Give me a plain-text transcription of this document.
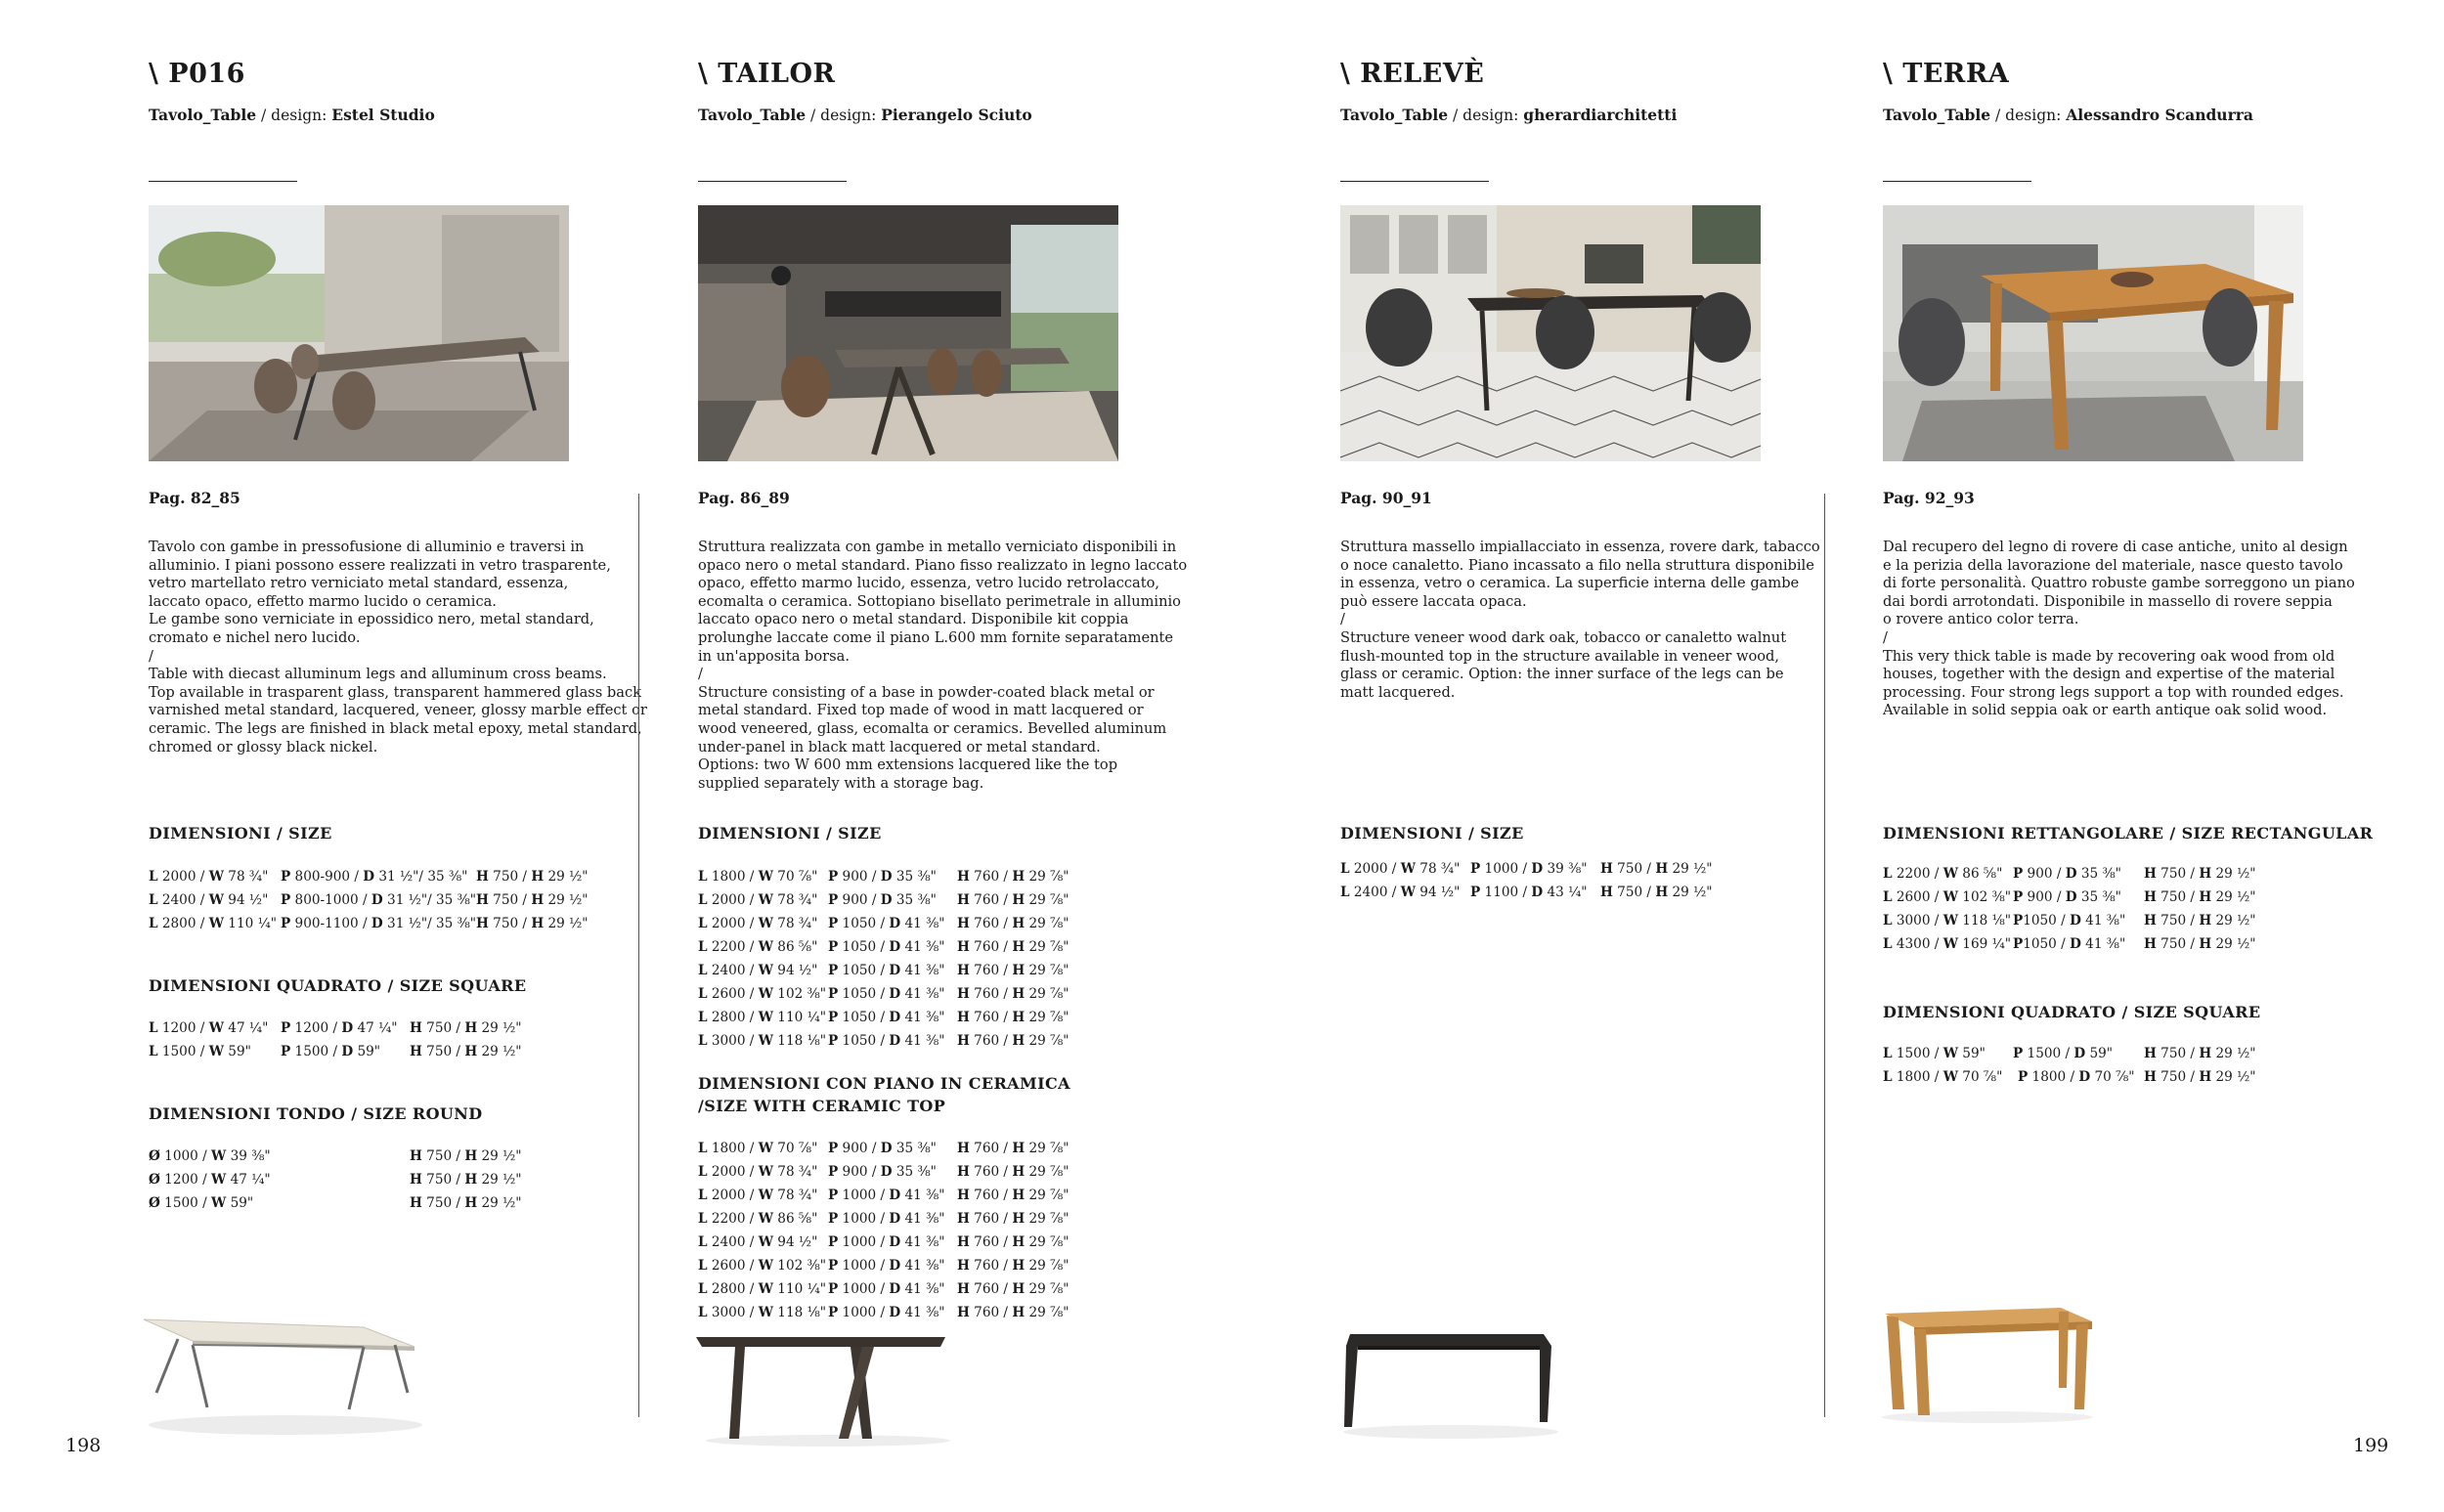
\ P016
Tavolo_Table / design: Estel Studio
Pag. 82_85
Tavolo con gambe in pressofusione di alluminio e traversi in
alluminio. I piani possono essere realizzati in vetro trasparente,
vetro martellato retro verniciato metal standard, essenza,
laccato opaco, effetto marmo lucido o ceramica.
Le gambe sono verniciate in epossidico nero, metal standard,
cromato e nichel nero lucido.
/
Table with diecast alluminum legs and alluminum cross beams.
Top available in trasparent glass, transparent hammered glass back
varnished metal standard, lacquered, veneer, glossy marble effect or
ceramic. The legs are finished in black metal epoxy, metal standard,
chromed or glossy black nickel.
DIMENSIONI / SIZE
L 2000 / W 78 ¾" P 800-900 / D 31 ½"/ 35 ⅜" H 750 / H 29 ½"
L 2400 / W 94 ½" P 800-1000 / D 31 ½"/ 35 ⅜" H 750 / H 29 ½"
L 2800 / W 110 ¼" P 900-1100 / D 31 ½"/ 35 ⅜" H 750 / H 29 ½"
DIMENSIONI QUADRATO / SIZE SQUARE
L 1200 / W 47 ¼" P 1200 / D 47 ¼" H 750 / H 29 ½"
L 1500 / W 59" P 1500 / D 59" H 750 / H 29 ½"
DIMENSIONI TONDO / SIZE ROUND
Ø 1000 / W 39 ⅜"	H 750 / H 29 ½"
Ø 1200 / W 47 ¼"	H 750 / H 29 ½"
Ø 1500 / W 59"	H 750 / H 29 ½"
\ TAILOR
Tavolo_Table / design: Pierangelo Sciuto
Pag. 86_89
Struttura realizzata con gambe in metallo verniciato disponibili in
opaco nero o metal standard. Piano fisso realizzato in legno laccato
opaco, effetto marmo lucido, essenza, vetro lucido retrolaccato,
ecomalta o ceramica. Sottopiano bisellato perimetrale in alluminio
laccato opaco nero o metal standard. Disponibile kit coppia
prolunghe laccate come il piano L.600 mm fornite separatamente
in un'apposita borsa.
/
Structure consisting of a base in powder-coated black metal or
metal standard. Fixed top made of wood in matt lacquered or
wood veneered, glass, ecomalta or ceramics. Bevelled aluminum
under-panel in black matt lacquered or metal standard.
Options: two W 600 mm extensions lacquered like the top
supplied separately with a storage bag.
DIMENSIONI / SIZE
L 1800 / W 70 ⅞" P 900 / D 35 ⅜" H 760 / H 29 ⅞"
L 2000 / W 78 ¾" P 900 / D 35 ⅜" H 760 / H 29 ⅞"
L 2000 / W 78 ¾" P 1050 / D 41 ⅜" H 760 / H 29 ⅞"
L 2200 / W 86 ⅝" P 1050 / D 41 ⅜" H 760 / H 29 ⅞"
L 2400 / W 94 ½" P 1050 / D 41 ⅜" H 760 / H 29 ⅞"
L 2600 / W 102 ⅜" P 1050 / D 41 ⅜" H 760 / H 29 ⅞"
L 2800 / W 110 ¼" P 1050 / D 41 ⅜" H 760 / H 29 ⅞"
L 3000 / W 118 ⅛" P 1050 / D 41 ⅜" H 760 / H 29 ⅞"
DIMENSIONI CON PIANO IN CERAMICA
/SIZE WITH CERAMIC TOP
L 1800 / W 70 ⅞" P 900 / D 35 ⅜" H 760 / H 29 ⅞"
L 2000 / W 78 ¾" P 900 / D 35 ⅜" H 760 / H 29 ⅞"
L 2000 / W 78 ¾" P 1000 / D 41 ⅜" H 760 / H 29 ⅞"
L 2200 / W 86 ⅝" P 1000 / D 41 ⅜" H 760 / H 29 ⅞"
L 2400 / W 94 ½" P 1000 / D 41 ⅜" H 760 / H 29 ⅞"
L 2600 / W 102 ⅜" P 1000 / D 41 ⅜" H 760 / H 29 ⅞"
L 2800 / W 110 ¼" P 1000 / D 41 ⅜" H 760 / H 29 ⅞"
L 3000 / W 118 ⅛" P 1000 / D 41 ⅜" H 760 / H 29 ⅞"
\ RELEVÈ
Tavolo_Table / design: gherardiarchitetti
Pag. 90_91
Struttura massello impiallacciato in essenza, rovere dark, tabacco
o noce canaletto. Piano incassato a filo nella struttura disponibile
in essenza, vetro o ceramica. La superficie interna delle gambe
può essere laccata opaca.
/
Structure veneer wood dark oak, tobacco or canaletto walnut
flush-mounted top in the structure available in veneer wood,
glass or ceramic. Option: the inner surface of the legs can be
matt lacquered.
DIMENSIONI / SIZE
L 2000 / W 78 ¾" P 1000 / D 39 ⅜" H 750 / H 29 ½"
L 2400 / W 94 ½" P 1100 / D 43 ¼" H 750 / H 29 ½"
\ TERRA
Tavolo_Table / design: Alessandro Scandurra
Pag. 92_93
Dal recupero del legno di rovere di case antiche, unito al design
e la perizia della lavorazione del materiale, nasce questo tavolo
di forte personalità. Quattro robuste gambe sorreggono un piano
dai bordi arrotondati. Disponibile in massello di rovere seppia
o rovere antico color terra.
/
This very thick table is made by recovering oak wood from old
houses, together with the design and expertise of the material
processing. Four strong legs support a top with rounded edges.
Available in solid seppia oak or earth antique oak solid wood.
DIMENSIONI RETTANGOLARE / SIZE RECTANGULAR
L 2200 / W 86 ⅝" P 900 / D 35 ⅜" H 750 / H 29 ½"
L 2600 / W 102 ⅜" P 900 / D 35 ⅜" H 750 / H 29 ½"
L 3000 / W 118 ⅛" P1050 / D 41 ⅜" H 750 / H 29 ½"
L 4300 / W 169 ¼" P1050 / D 41 ⅜" H 750 / H 29 ½"
DIMENSIONI QUADRATO / SIZE SQUARE
L 1500 / W 59" P 1500 / D 59" H 750 / H 29 ½"
L 1800 / W 70 ⅞" P 1800 / D 70 ⅞" H 750 / H 29 ½"
198	199
